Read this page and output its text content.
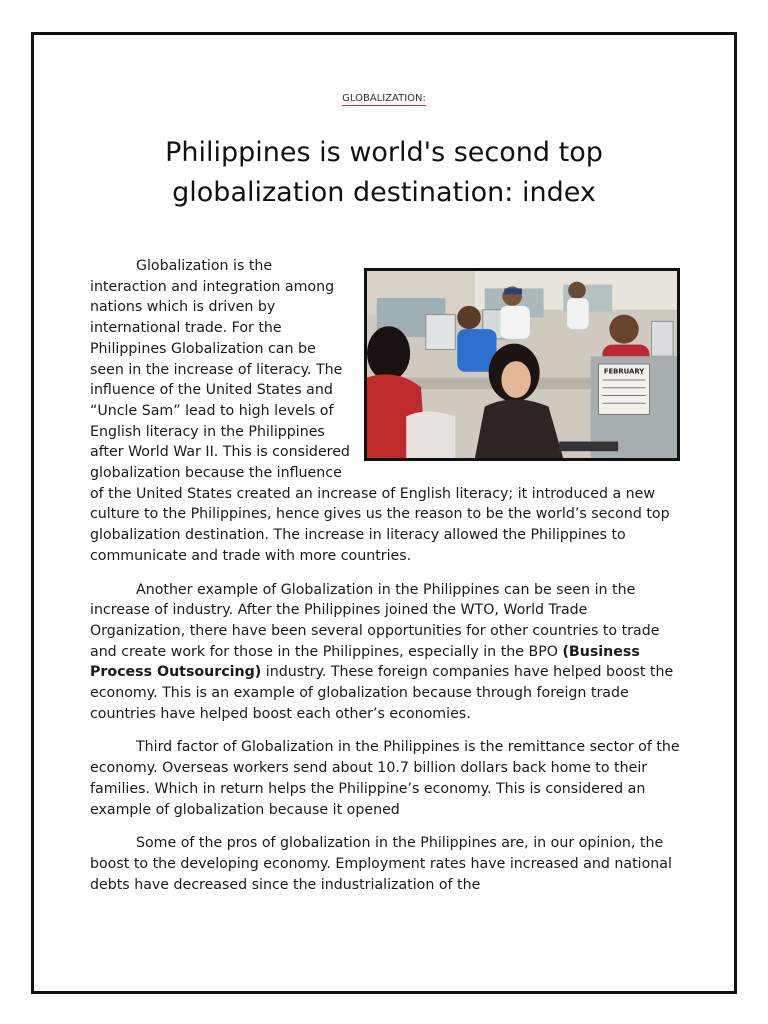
GLOBALIZATION:
Philippines is world's second top globalization destination: index
FEBRUARY

Globalization is the interaction and integration among nations which is driven by international trade. For the Philippines Globalization can be seen in the increase of literacy. The influence of the United States and “Uncle Sam” lead to high levels of English literacy in the Philippines after World War II. This is considered globalization because the influence of the United States created an increase of English literacy; it introduced a new culture to the Philippines, hence gives us the reason to be the world’s second top globalization destination. The increase in literacy allowed the Philippines to communicate and trade with more countries.

Another example of Globalization in the Philippines can be seen in the increase of industry. After the Philippines joined the WTO, World Trade Organization, there have been several opportunities for other countries to trade and create work for those in the Philippines, especially in the BPO (Business Process Outsourcing) industry. These foreign companies have helped boost the economy. This is an example of globalization because through foreign trade countries have helped boost each other’s economies.

Third factor of Globalization in the Philippines is the remittance sector of the economy. Overseas workers send about 10.7 billion dollars back home to their families. Which in return helps the Philippine’s economy. This is considered an example of globalization because it opened

Some of the pros of globalization in the Philippines are, in our opinion, the boost to the developing economy. Employment rates have increased and national debts have decreased since the industrialization of the
